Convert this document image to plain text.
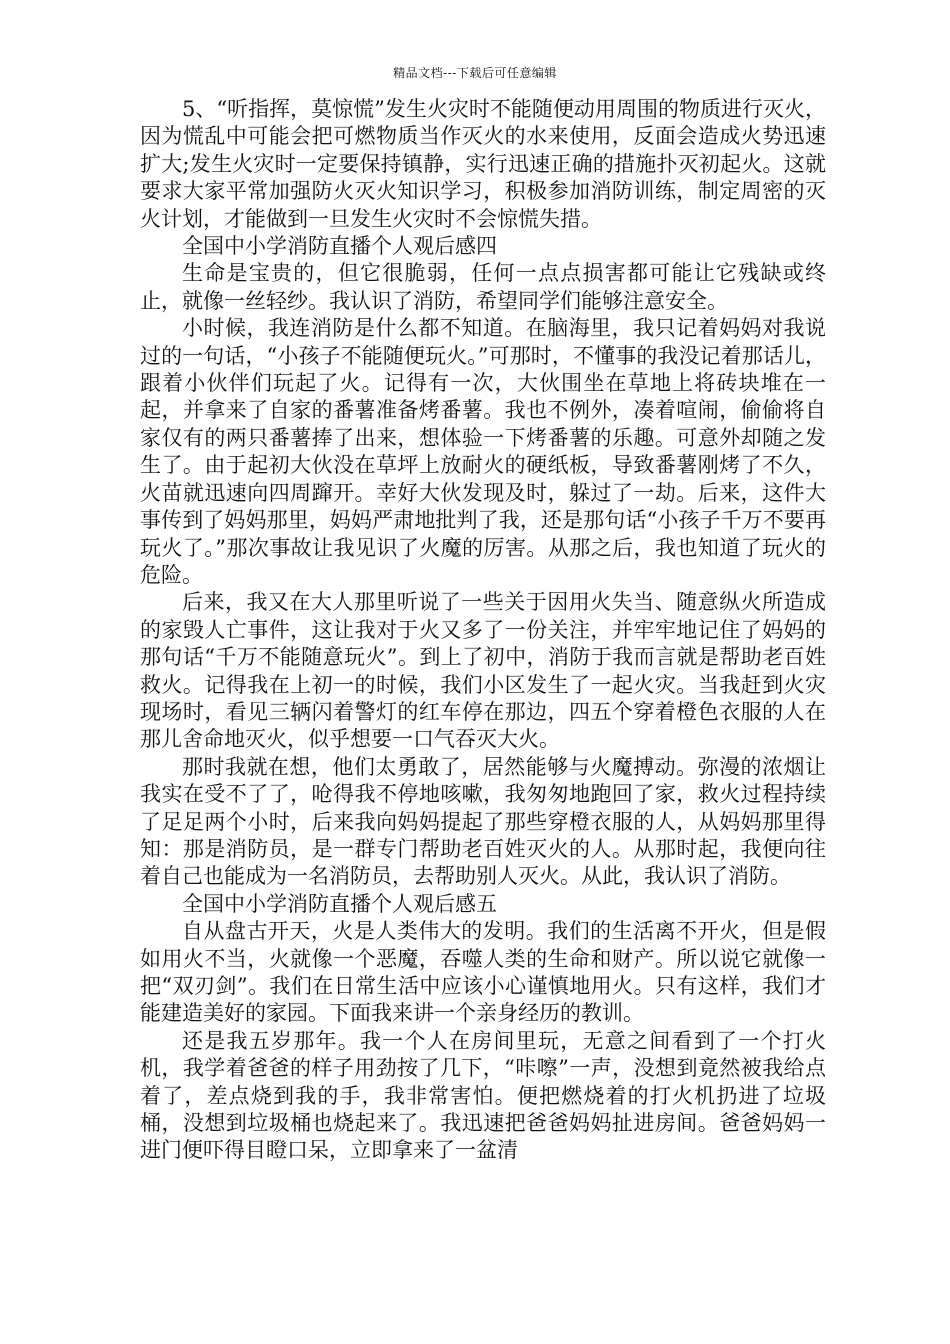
精品文档---下载后可任意编辑

5、“听指挥，莫惊慌”发生火灾时不能随便动用周围的物质进行灭火，因为慌乱中可能会把可燃物质当作灭火的水来使用，反面会造成火势迅速扩大;发生火灾时一定要保持镇静，实行迅速正确的措施扑灭初起火。这就要求大家平常加强防火灭火知识学习，积极参加消防训练，制定周密的灭火计划，才能做到一旦发生火灾时不会惊慌失措。

全国中小学消防直播个人观后感四

生命是宝贵的，但它很脆弱，任何一点点损害都可能让它残缺或终止，就像一丝轻纱。我认识了消防，希望同学们能够注意安全。

小时候，我连消防是什么都不知道。在脑海里，我只记着妈妈对我说过的一句话，“小孩子不能随便玩火。”可那时，不懂事的我没记着那话儿，跟着小伙伴们玩起了火。记得有一次，大伙围坐在草地上将砖块堆在一起，并拿来了自家的番薯准备烤番薯。我也不例外，凑着喧闹，偷偷将自家仅有的两只番薯捧了出来，想体验一下烤番薯的乐趣。可意外却随之发生了。由于起初大伙没在草坪上放耐火的硬纸板，导致番薯刚烤了不久，火苗就迅速向四周蹿开。幸好大伙发现及时，躲过了一劫。后来，这件大事传到了妈妈那里，妈妈严肃地批判了我，还是那句话“小孩子千万不要再玩火了。”那次事故让我见识了火魔的厉害。从那之后，我也知道了玩火的危险。

后来，我又在大人那里听说了一些关于因用火失当、随意纵火所造成的家毁人亡事件，这让我对于火又多了一份关注，并牢牢地记住了妈妈的那句话“千万不能随意玩火”。到上了初中，消防于我而言就是帮助老百姓救火。记得我在上初一的时候，我们小区发生了一起火灾。当我赶到火灾现场时，看见三辆闪着警灯的红车停在那边，四五个穿着橙色衣服的人在那儿舍命地灭火，似乎想要一口气吞灭大火。

那时我就在想，他们太勇敢了，居然能够与火魔搏动。弥漫的浓烟让我实在受不了了，呛得我不停地咳嗽，我匆匆地跑回了家，救火过程持续了足足两个小时，后来我向妈妈提起了那些穿橙衣服的人，从妈妈那里得知：那是消防员，是一群专门帮助老百姓灭火的人。从那时起，我便向往着自己也能成为一名消防员，去帮助别人灭火。从此，我认识了消防。

全国中小学消防直播个人观后感五

自从盘古开天，火是人类伟大的发明。我们的生活离不开火，但是假如用火不当，火就像一个恶魔，吞噬人类的生命和财产。所以说它就像一把“双刃剑”。我们在日常生活中应该小心谨慎地用火。只有这样，我们才能建造美好的家园。下面我来讲一个亲身经历的教训。

还是我五岁那年。我一个人在房间里玩，无意之间看到了一个打火机，我学着爸爸的样子用劲按了几下，“咔嚓”一声，没想到竟然被我给点着了，差点烧到我的手，我非常害怕。便把燃烧着的打火机扔进了垃圾桶，没想到垃圾桶也烧起来了。我迅速把爸爸妈妈扯进房间。爸爸妈妈一进门便吓得目瞪口呆，立即拿来了一盆清
